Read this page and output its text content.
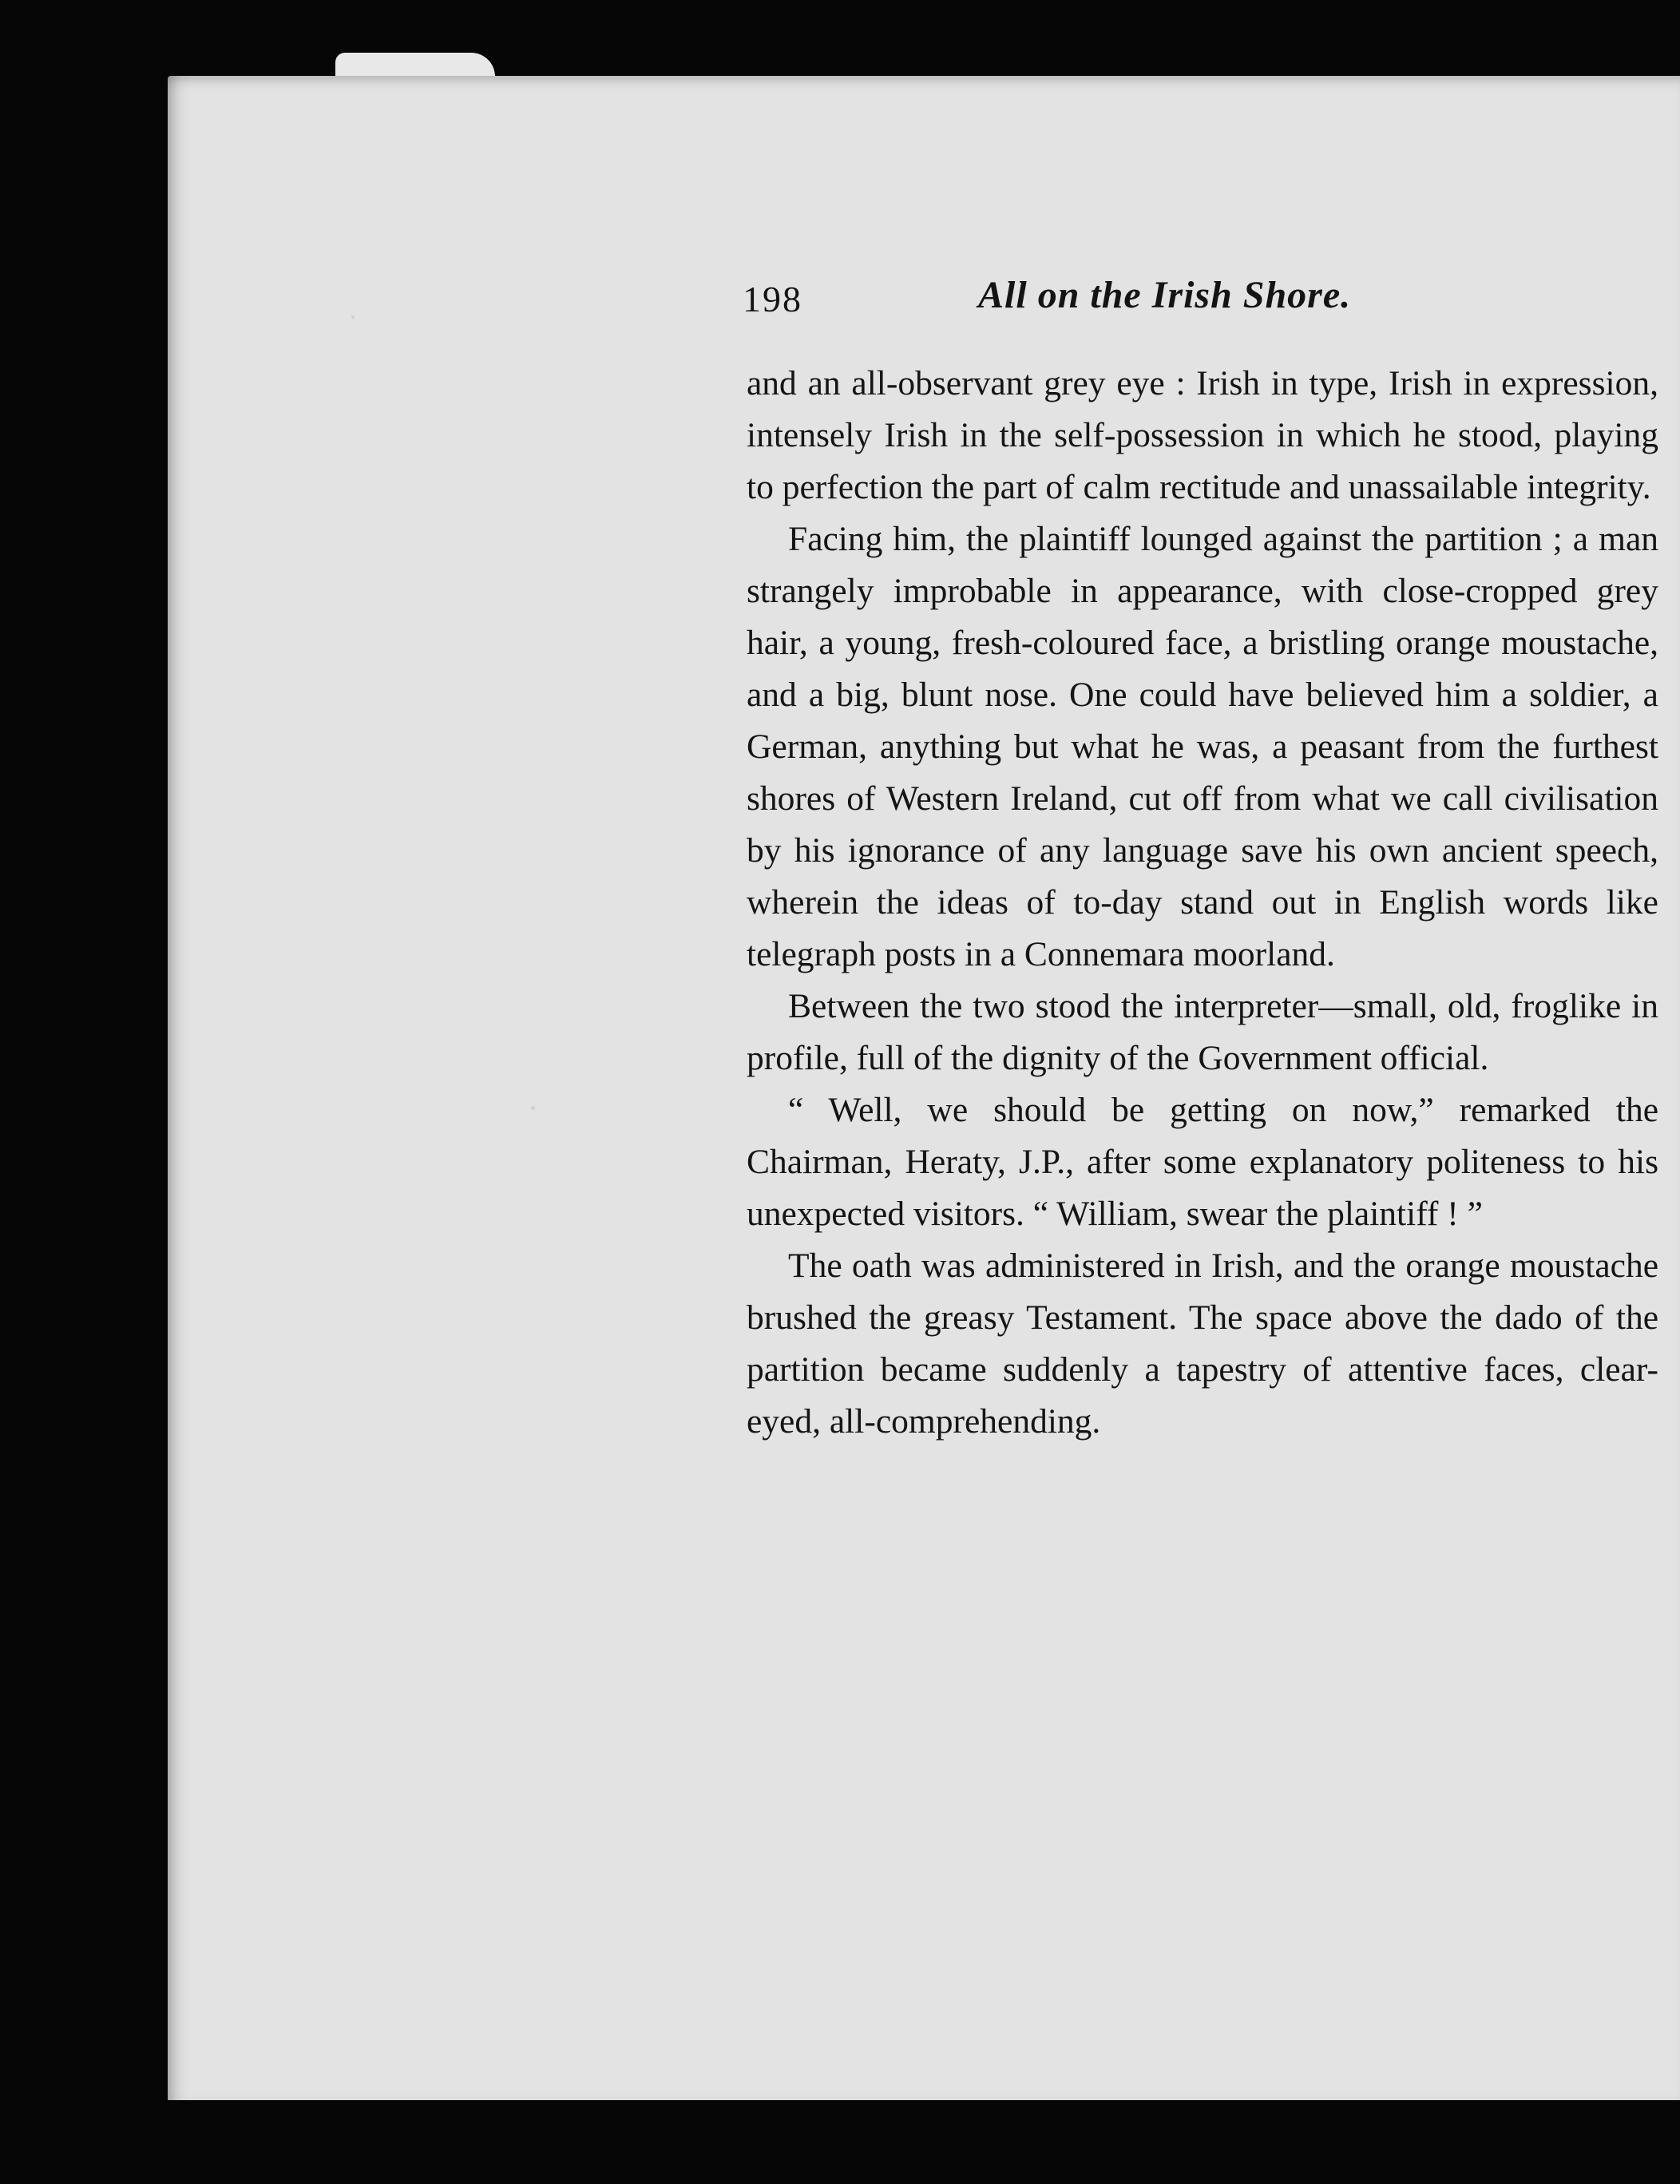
198	All on the Irish Shore.

and an all-observant grey eye : Irish in type, Irish in expression, intensely Irish in the self-possession in which he stood, playing to perfection the part of calm rectitude and unassailable integrity.

Facing him, the plaintiff lounged against the partition ; a man strangely improbable in appearance, with close-cropped grey hair, a young, fresh-coloured face, a bristling orange moustache, and a big, blunt nose. One could have believed him a soldier, a German, anything but what he was, a peasant from the furthest shores of Western Ireland, cut off from what we call civilisation by his ignorance of any language save his own ancient speech, wherein the ideas of to-day stand out in English words like telegraph posts in a Connemara moorland.

Between the two stood the interpreter—small, old, froglike in profile, full of the dignity of the Government official.

“ Well, we should be getting on now,” remarked the Chairman, Heraty, J.P., after some explanatory politeness to his unexpected visitors. “ William, swear the plaintiff ! ”

The oath was administered in Irish, and the orange moustache brushed the greasy Testament. The space above the dado of the partition became suddenly a tapestry of attentive faces, clear-eyed, all-comprehending.
